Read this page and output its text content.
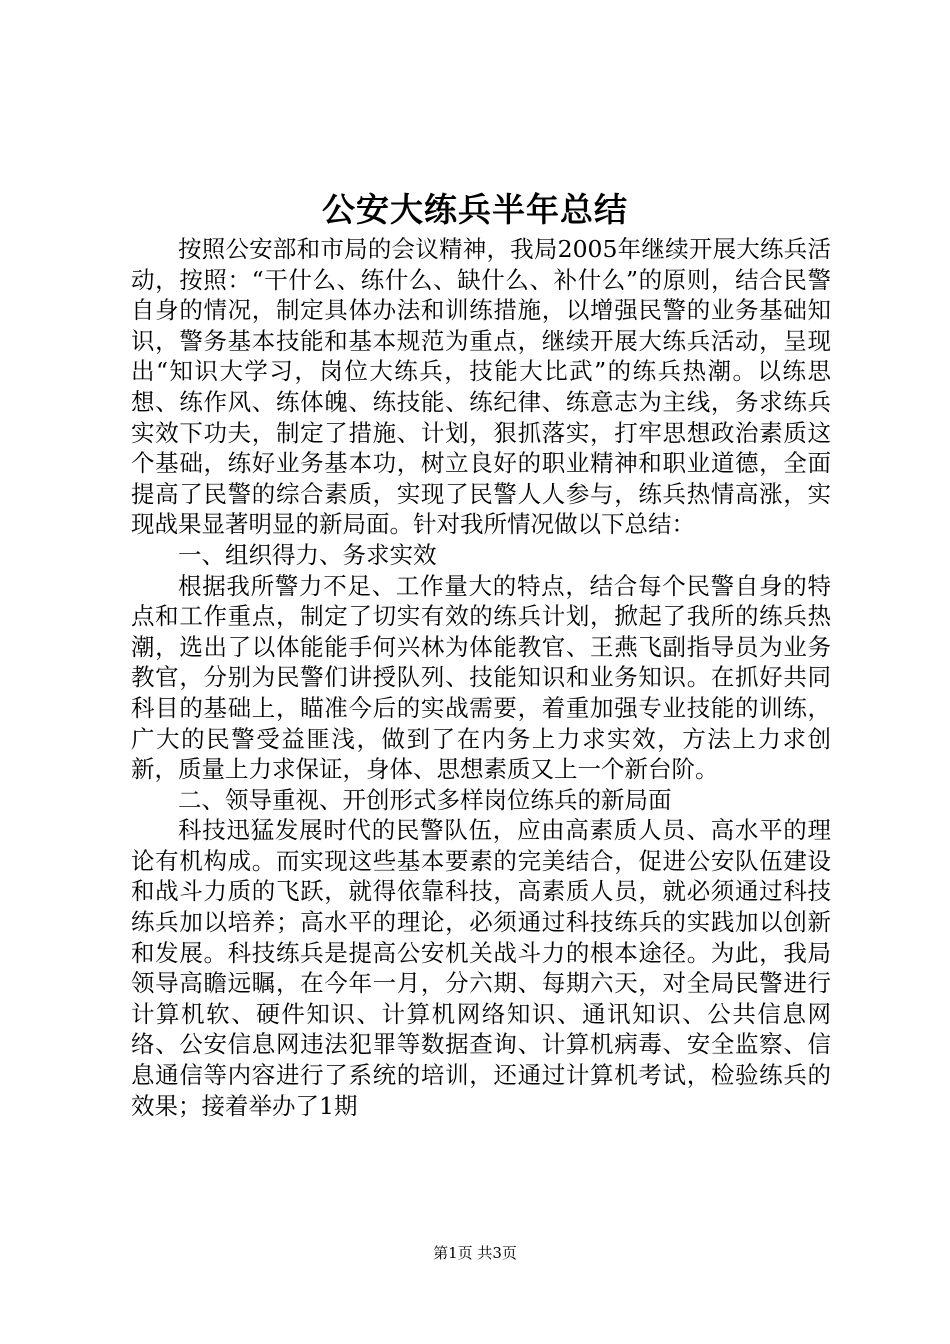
公安大练兵半年总结

按照公安部和市局的会议精神，我局2005年继续开展大练兵活动，按照：“干什么、练什么、缺什么、补什么”的原则，结合民警自身的情况，制定具体办法和训练措施，以增强民警的业务基础知识，警务基本技能和基本规范为重点，继续开展大练兵活动，呈现出“知识大学习，岗位大练兵，技能大比武”的练兵热潮。以练思想、练作风、练体魄、练技能、练纪律、练意志为主线，务求练兵实效下功夫，制定了措施、计划，狠抓落实，打牢思想政治素质这个基础，练好业务基本功，树立良好的职业精神和职业道德，全面提高了民警的综合素质，实现了民警人人参与，练兵热情高涨，实现战果显著明显的新局面。针对我所情况做以下总结：

一、组织得力、务求实效

根据我所警力不足、工作量大的特点，结合每个民警自身的特点和工作重点，制定了切实有效的练兵计划，掀起了我所的练兵热潮，选出了以体能能手何兴林为体能教官、王燕飞副指导员为业务教官，分别为民警们讲授队列、技能知识和业务知识。在抓好共同科目的基础上，瞄准今后的实战需要，着重加强专业技能的训练，广大的民警受益匪浅，做到了在内务上力求实效，方法上力求创新，质量上力求保证，身体、思想素质又上一个新台阶。

二、领导重视、开创形式多样岗位练兵的新局面

科技迅猛发展时代的民警队伍，应由高素质人员、高水平的理论有机构成。而实现这些基本要素的完美结合，促进公安队伍建设和战斗力质的飞跃，就得依靠科技，高素质人员，就必须通过科技练兵加以培养；高水平的理论，必须通过科技练兵的实践加以创新和发展。科技练兵是提高公安机关战斗力的根本途径。为此，我局领导高瞻远瞩，在今年一月，分六期、每期六天，对全局民警进行计算机软、硬件知识、计算机网络知识、通讯知识、公共信息网络、公安信息网违法犯罪等数据查询、计算机病毒、安全监察、信息通信等内容进行了系统的培训，还通过计算机考试，检验练兵的效果；接着举办了1期

第1页 共3页
